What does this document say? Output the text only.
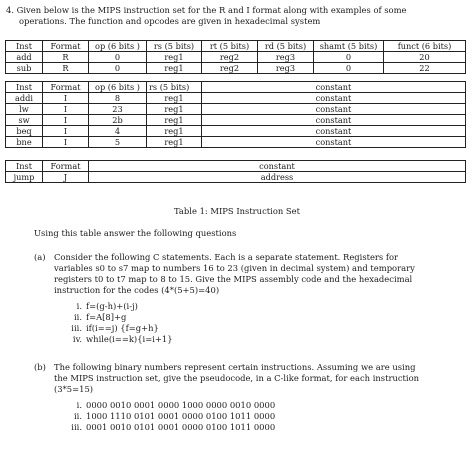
4. Given below is the MIPS instruction set for the R and I format along with examples of some
operations. The function and opcodes are given in hexadecimal system
Inst	Format	op (6 bits )	rs (5 bits)	rt (5 bits)	rd (5 bits)	shamt (5 bits)	funct (6 bits)
add	R	0	reg1	reg2	reg3	0	20
sub	R	0	reg1	reg2	reg3	0	22
Inst	Format	op (6 bits )	rs (5 bits)	constant
addi	I	8	reg1	constant
lw	I	23	reg1	constant
sw	I	2b	reg1	constant
beq	I	4	reg1	constant
bne	I	5	reg1	constant
Inst	Format	constant
jump	J	address
Table 1: MIPS Instruction Set
Using this table answer the following questions
(a) Consider the following C statements. Each is a separate statement. Registers for
variables s0 to s7 map to numbers 16 to 23 (given in decimal system) and temporary
registers t0 to t7 map to 8 to 15. Give the MIPS assembly code and the hexadecimal
instruction for the codes (4*(5+5)=40)
i. f=(g-h)+(i-j)
ii. f=A[8]+g
iii. if(i==j) {f=g+h}
iv. while(i==k){i=i+1}
(b) The following binary numbers represent certain instructions. Assuming we are using
the MIPS instruction set, give the pseudocode, in a C-like format, for each instruction
(3*5=15)
i. 0000 0010 0001 0000 1000 0000 0010 0000
ii. 1000 1110 0101 0001 0000 0100 1011 0000
iii. 0001 0010 0101 0001 0000 0100 1011 0000
